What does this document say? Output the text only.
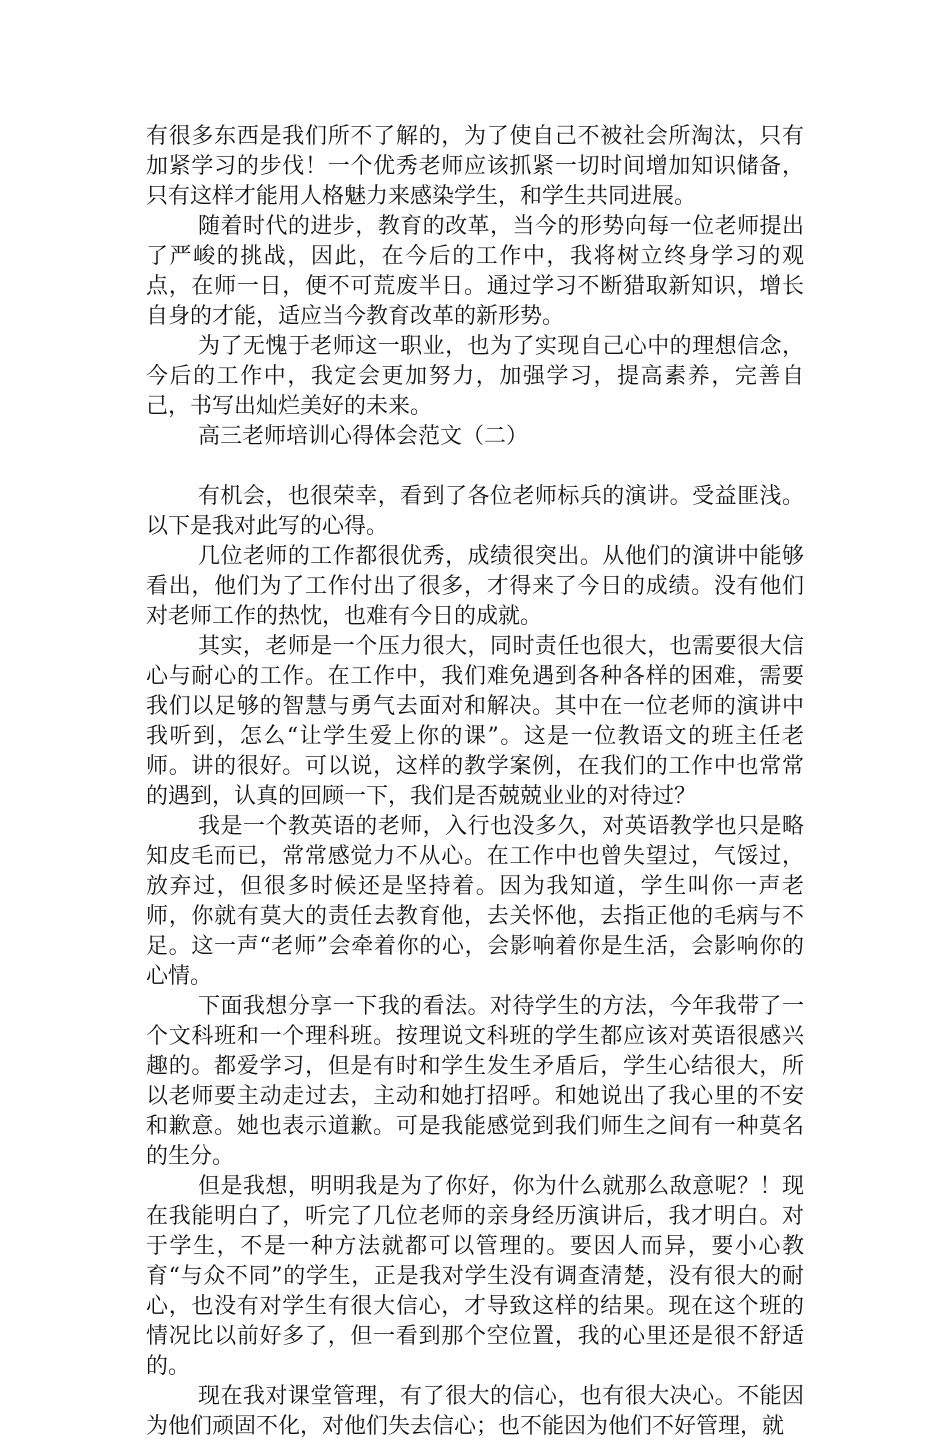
有很多东西是我们所不了解的，为了使自己不被社会所淘汰，只有加紧学习的步伐！一个优秀老师应该抓紧一切时间增加知识储备，只有这样才能用人格魅力来感染学生，和学生共同进展。

随着时代的进步，教育的改革，当今的形势向每一位老师提出了严峻的挑战，因此，在今后的工作中，我将树立终身学习的观点，在师一日，便不可荒废半日。通过学习不断猎取新知识，增长自身的才能，适应当今教育改革的新形势。

为了无愧于老师这一职业，也为了实现自己心中的理想信念，今后的工作中，我定会更加努力，加强学习，提高素养，完善自己，书写出灿烂美好的未来。

高三老师培训心得体会范文（二）

有机会，也很荣幸，看到了各位老师标兵的演讲。受益匪浅。以下是我对此写的心得。

几位老师的工作都很优秀，成绩很突出。从他们的演讲中能够看出，他们为了工作付出了很多，才得来了今日的成绩。没有他们对老师工作的热忱，也难有今日的成就。

其实，老师是一个压力很大，同时责任也很大，也需要很大信心与耐心的工作。在工作中，我们难免遇到各种各样的困难，需要我们以足够的智慧与勇气去面对和解决。其中在一位老师的演讲中我听到，怎么“让学生爱上你的课”。这是一位教语文的班主任老师。讲的很好。可以说，这样的教学案例，在我们的工作中也常常的遇到，认真的回顾一下，我们是否兢兢业业的对待过？

我是一个教英语的老师，入行也没多久，对英语教学也只是略知皮毛而已，常常感觉力不从心。在工作中也曾失望过，气馁过，放弃过，但很多时候还是坚持着。因为我知道，学生叫你一声老师，你就有莫大的责任去教育他，去关怀他，去指正他的毛病与不足。这一声“老师”会牵着你的心，会影响着你是生活，会影响你的心情。

下面我想分享一下我的看法。对待学生的方法，今年我带了一个文科班和一个理科班。按理说文科班的学生都应该对英语很感兴趣的。都爱学习，但是有时和学生发生矛盾后，学生心结很大，所以老师要主动走过去，主动和她打招呼。和她说出了我心里的不安和歉意。她也表示道歉。可是我能感觉到我们师生之间有一种莫名的生分。

但是我想，明明我是为了你好，你为什么就那么敌意呢？！现在我能明白了，听完了几位老师的亲身经历演讲后，我才明白。对于学生，不是一种方法就都可以管理的。要因人而异，要小心教育“与众不同”的学生，正是我对学生没有调查清楚，没有很大的耐心，也没有对学生有很大信心，才导致这样的结果。现在这个班的情况比以前好多了，但一看到那个空位置，我的心里还是很不舒适的。

现在我对课堂管理，有了很大的信心，也有很大决心。不能因为他们顽固不化，对他们失去信心；也不能因为他们不好管理，就
